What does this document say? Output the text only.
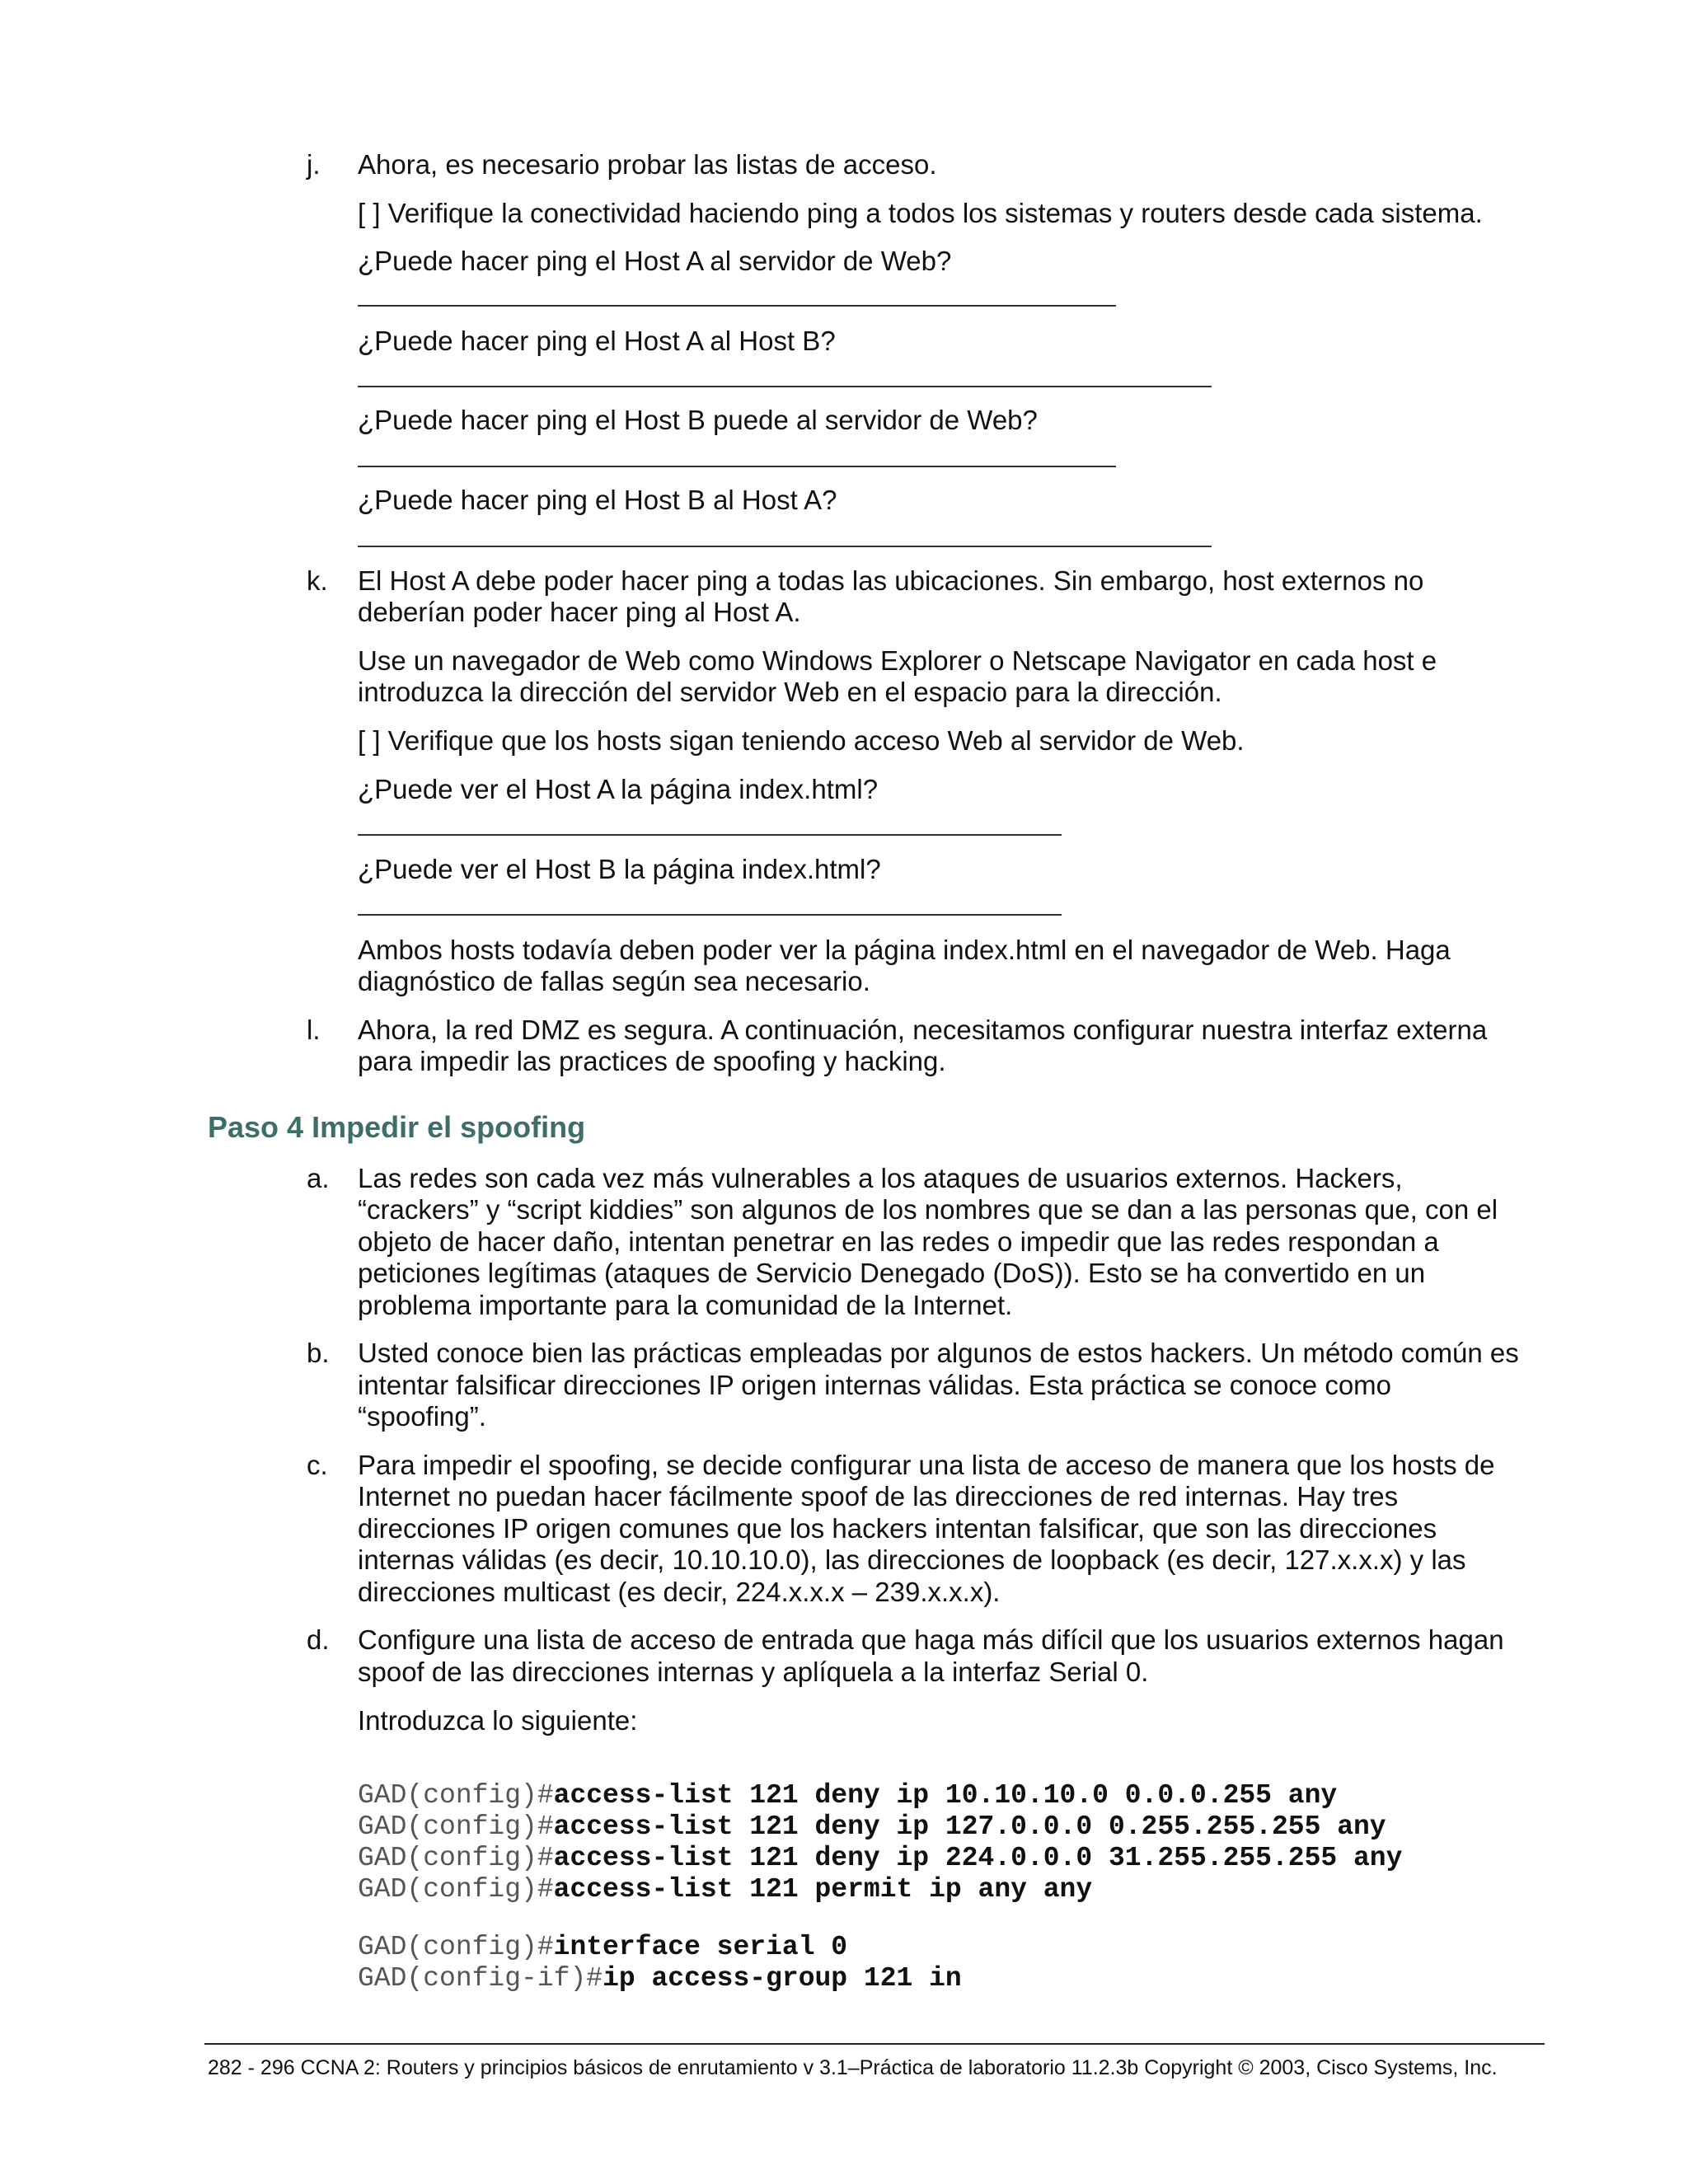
j. Ahora, es necesario probar las listas de acceso.
[ ] Verifique la conectividad haciendo ping a todos los sistemas y routers desde cada sistema.
¿Puede hacer ping el Host A al servidor de Web?
¿Puede hacer ping el Host A al Host B?
¿Puede hacer ping el Host B puede al servidor de Web?
¿Puede hacer ping el Host B al Host A?
k. El Host A debe poder hacer ping a todas las ubicaciones. Sin embargo, host externos no
deberían poder hacer ping al Host A.
Use un navegador de Web como Windows Explorer o Netscape Navigator en cada host e
introduzca la dirección del servidor Web en el espacio para la dirección.
[ ] Verifique que los hosts sigan teniendo acceso Web al servidor de Web.
¿Puede ver el Host A la página index.html?
¿Puede ver el Host B la página index.html?
Ambos hosts todavía deben poder ver la página index.html en el navegador de Web. Haga
diagnóstico de fallas según sea necesario.
l. Ahora, la red DMZ es segura. A continuación, necesitamos configurar nuestra interfaz externa
para impedir las practices de spoofing y hacking.
Paso 4 Impedir el spoofing
a. Las redes son cada vez más vulnerables a los ataques de usuarios externos. Hackers,
“crackers” y “script kiddies” son algunos de los nombres que se dan a las personas que, con el
objeto de hacer daño, intentan penetrar en las redes o impedir que las redes respondan a
peticiones legítimas (ataques de Servicio Denegado (DoS)). Esto se ha convertido en un
problema importante para la comunidad de la Internet.
b. Usted conoce bien las prácticas empleadas por algunos de estos hackers. Un método común es
intentar falsificar direcciones IP origen internas válidas. Esta práctica se conoce como
“spoofing”.
c. Para impedir el spoofing, se decide configurar una lista de acceso de manera que los hosts de
Internet no puedan hacer fácilmente spoof de las direcciones de red internas. Hay tres
direcciones IP origen comunes que los hackers intentan falsificar, que son las direcciones
internas válidas (es decir, 10.10.10.0), las direcciones de loopback (es decir, 127.x.x.x) y las
direcciones multicast (es decir, 224.x.x.x – 239.x.x.x).
d. Configure una lista de acceso de entrada que haga más difícil que los usuarios externos hagan
spoof de las direcciones internas y aplíquela a la interfaz Serial 0.
Introduzca lo siguiente:
GAD(config)#access-list 121 deny ip 10.10.10.0 0.0.0.255 any
GAD(config)#access-list 121 deny ip 127.0.0.0 0.255.255.255 any
GAD(config)#access-list 121 deny ip 224.0.0.0 31.255.255.255 any
GAD(config)#access-list 121 permit ip any any
GAD(config)#interface serial 0
GAD(config-if)#ip access-group 121 in
282 - 296 CCNA 2: Routers y principios básicos de enrutamiento v 3.1–Práctica de laboratorio 11.2.3b Copyright © 2003, Cisco Systems, Inc.
